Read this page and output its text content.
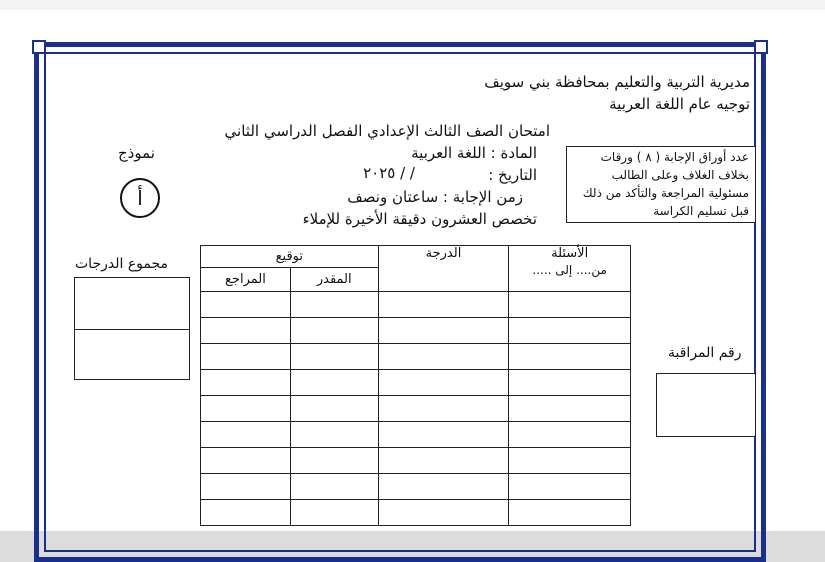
مديرية التربية والتعليم بمحافظة بني سويف
توجيه عام اللغة العربية
امتحان الصف الثالث الإعدادي الفصل الدراسي الثاني
المادة : اللغة العربية
التاريخ :
/ / ٢٠٢٥
زمن الإجابة : ساعتان ونصف
تخصص العشرون دقيقة الأخيرة للإملاء
نموذج
أ
عدد أوراق الإجابة ( ٨ ) ورقات
بخلاف الغلاف وعلى الطالب
مسئولية المراجعة والتأكد من ذلك
قبل تسليم الكراسة
مجموع الدرجات
رقم المراقبة
الأسئلة
من.... إلى .....	الدرجة	توقيع	
		المقدر	المراجع
